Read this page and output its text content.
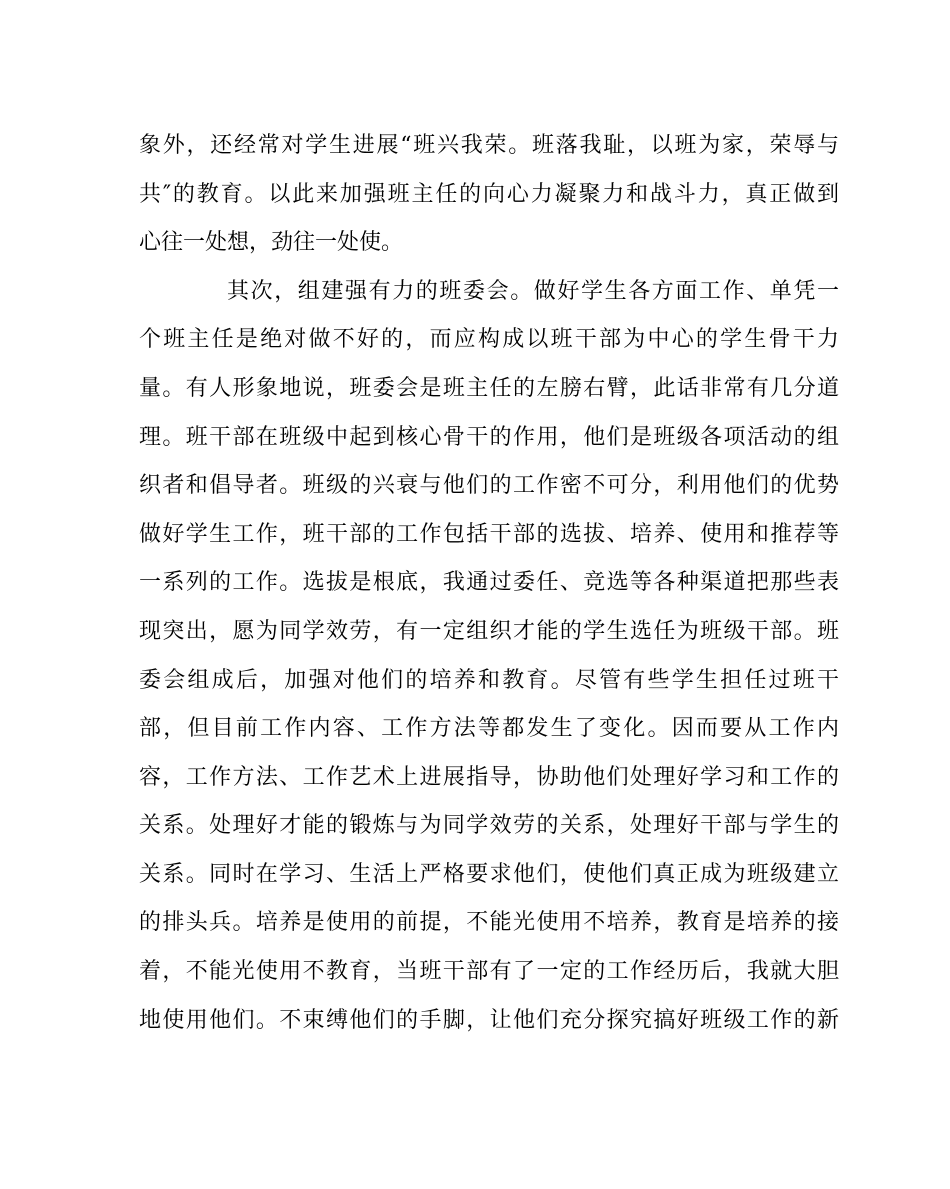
象外，还经常对学生进展“班兴我荣。班落我耻，以班为家，荣辱与
共″的教育。以此来加强班主任的向心力凝聚力和战斗力，真正做到
心往一处想，劲往一处使。
其次，组建强有力的班委会。做好学生各方面工作、单凭一
个班主任是绝对做不好的，而应构成以班干部为中心的学生骨干力
量。有人形象地说，班委会是班主任的左膀右臂，此话非常有几分道
理。班干部在班级中起到核心骨干的作用，他们是班级各项活动的组
织者和倡导者。班级的兴衰与他们的工作密不可分，利用他们的优势
做好学生工作，班干部的工作包括干部的选拔、培养、使用和推荐等
一系列的工作。选拔是根底，我通过委任、竞选等各种渠道把那些表
现突出，愿为同学效劳，有一定组织才能的学生选任为班级干部。班
委会组成后，加强对他们的培养和教育。尽管有些学生担任过班干
部，但目前工作内容、工作方法等都发生了变化。因而要从工作内
容，工作方法、工作艺术上进展指导，协助他们处理好学习和工作的
关系。处理好才能的锻炼与为同学效劳的关系，处理好干部与学生的
关系。同时在学习、生活上严格要求他们，使他们真正成为班级建立
的排头兵。培养是使用的前提，不能光使用不培养，教育是培养的接
着，不能光使用不教育，当班干部有了一定的工作经历后，我就大胆
地使用他们。不束缚他们的手脚，让他们充分探究搞好班级工作的新
